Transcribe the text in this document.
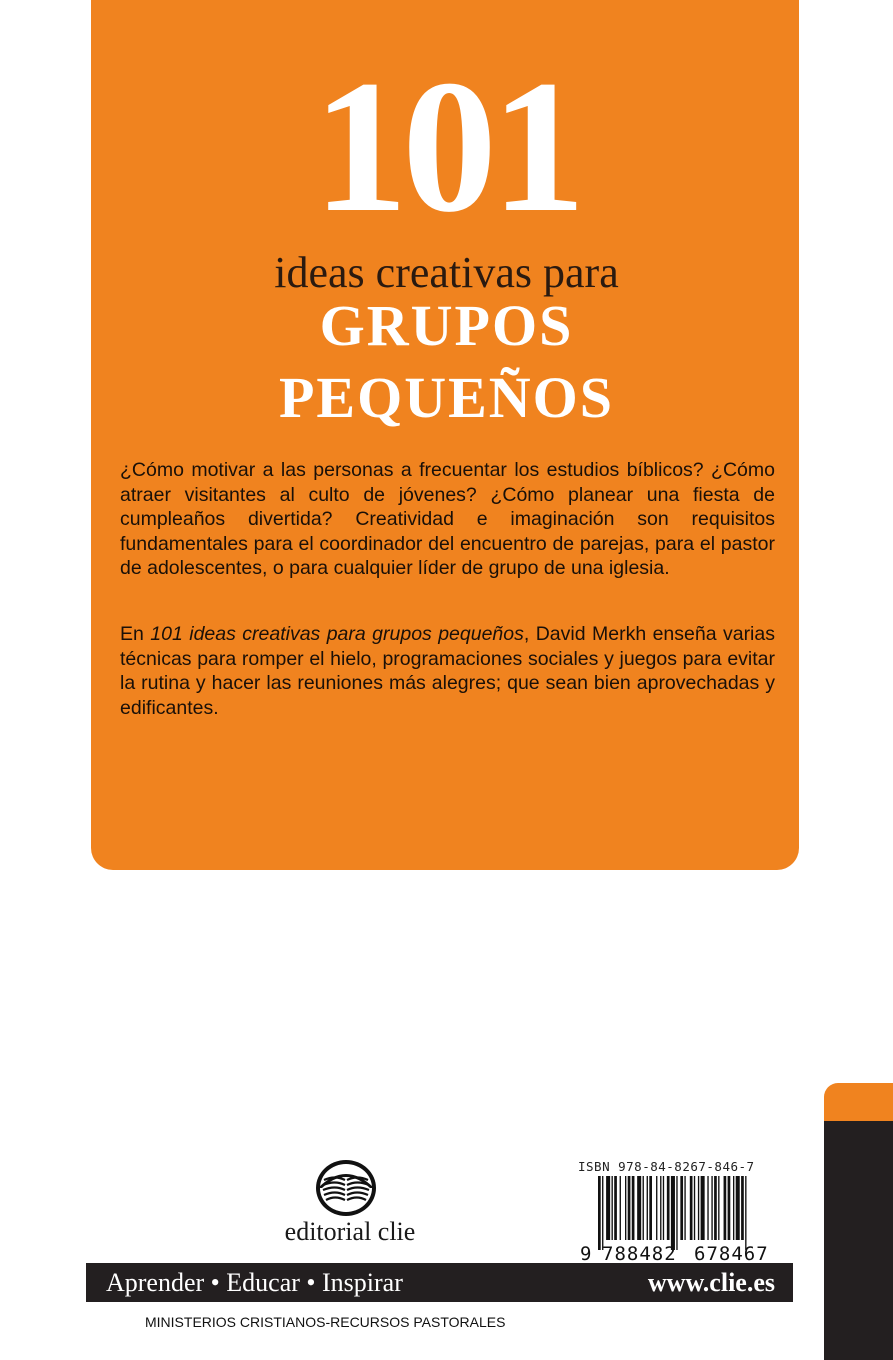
101
ideas creativas para
GRUPOS
PEQUEÑOS
¿Cómo motivar a las personas a frecuentar los estudios bíblicos? ¿Cómo atraer visitantes al culto de jóvenes? ¿Cómo planear una fiesta de cumpleaños divertida? Creatividad e imaginación son requisitos fundamentales para el coordinador del encuentro de parejas, para el pastor de adolescentes, o para cualquier líder de grupo de una iglesia.
En 101 ideas creativas para grupos pequeños, David Merkh enseña varias técnicas para romper el hielo, programaciones sociales y juegos para evitar la rutina y hacer las reuniones más alegres; que sean bien aprovechadas y edificantes.
editorial clie
ISBN 978-84-8267-846-7
9 788482 678467
Aprender • Educar • Inspirar	www.clie.es
MINISTERIOS CRISTIANOS-RECURSOS PASTORALES
